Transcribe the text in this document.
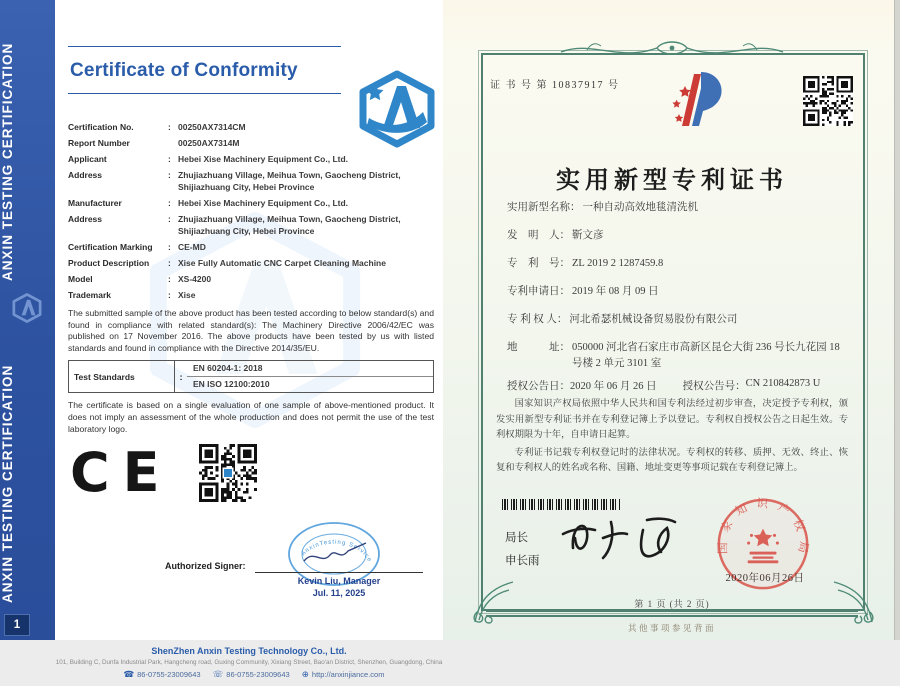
ANXIN TESTING CERTIFICATION
ANXIN TESTING CERTIFICATION
1
Certificate of Conformity
Certification No.	: 00250AX7314CM
Report Number	00250AX7314M
Applicant	: Hebei Xise Machinery Equipment Co., Ltd.
Address	: Zhujiazhuang Village, Meihua Town, Gaocheng District, Shijiazhuang City, Hebei Province
Manufacturer	: Hebei Xise Machinery Equipment Co., Ltd.
Address	: Zhujiazhuang Village, Meihua Town, Gaocheng District, Shijiazhuang City, Hebei Province
Certification Marking	: CE-MD
Product Description	: Xise Fully Automatic CNC Carpet Cleaning Machine
Model	: XS-4200
Trademark	: Xise

The submitted sample of the above product has been tested according to below standard(s) and found in compliance with related standard(s): The Machinery Directive 2006/42/EC was published on 17 November 2016. The above products have been tested by us with listed standards and found in compliance with the Directive 2014/35/EU.

Test Standards	:
EN 60204-1: 2018
EN ISO 12100:2010

The certificate is based on a single evaluation of one sample of above-mentioned product. It does not imply an assessment of the whole production and does not permit the use of the test laboratory logo.

CE
AnxinTesting Service
Authorized Signer:
Kevin Liu, Manager
Jul. 11, 2025
ShenZhen Anxin Testing Technology Co., Ltd.
101, Building C, Dunfa Industrial Park, Hangcheng road, Guxing Community, Xixiang Street, Bao'an District, Shenzhen, Guangdong, China
☎ 86-0755-23009643 ☏ 86-0755-23009643 ⊕ http://anxinjiance.com
证 书 号 第 10837917 号
实用新型专利证书
实用新型名称： 一种自动高效地毯清洗机
发　明　人： 靳文彦
专　利　号： ZL 2019 2 1287459.8
专利申请日： 2019 年 08 月 09 日
专 利 权 人： 河北希瑟机械设备贸易股份有限公司
地　　　址： 050000 河北省石家庄市高新区昆仑大街 236 号长九花园 18号楼 2 单元 3101 室
授权公告日： 2020 年 06 月 26 日 授权公告号： CN 210842873 U

国家知识产权局依照中华人民共和国专利法经过初步审查，决定授予专利权，颁发实用新型专利证书并在专利登记簿上予以登记。专利权自授权公告之日起生效。专利权期限为十年，自申请日起算。

专利证书记载专利权登记时的法律状况。专利权的转移、质押、无效、终止、恢复和专利权人的姓名或名称、国籍、地址变更等事项记载在专利登记簿上。

局长
申长雨
国家知识产权局
2020年06月26日
第 1 页 (共 2 页)
其他事项参见背面
